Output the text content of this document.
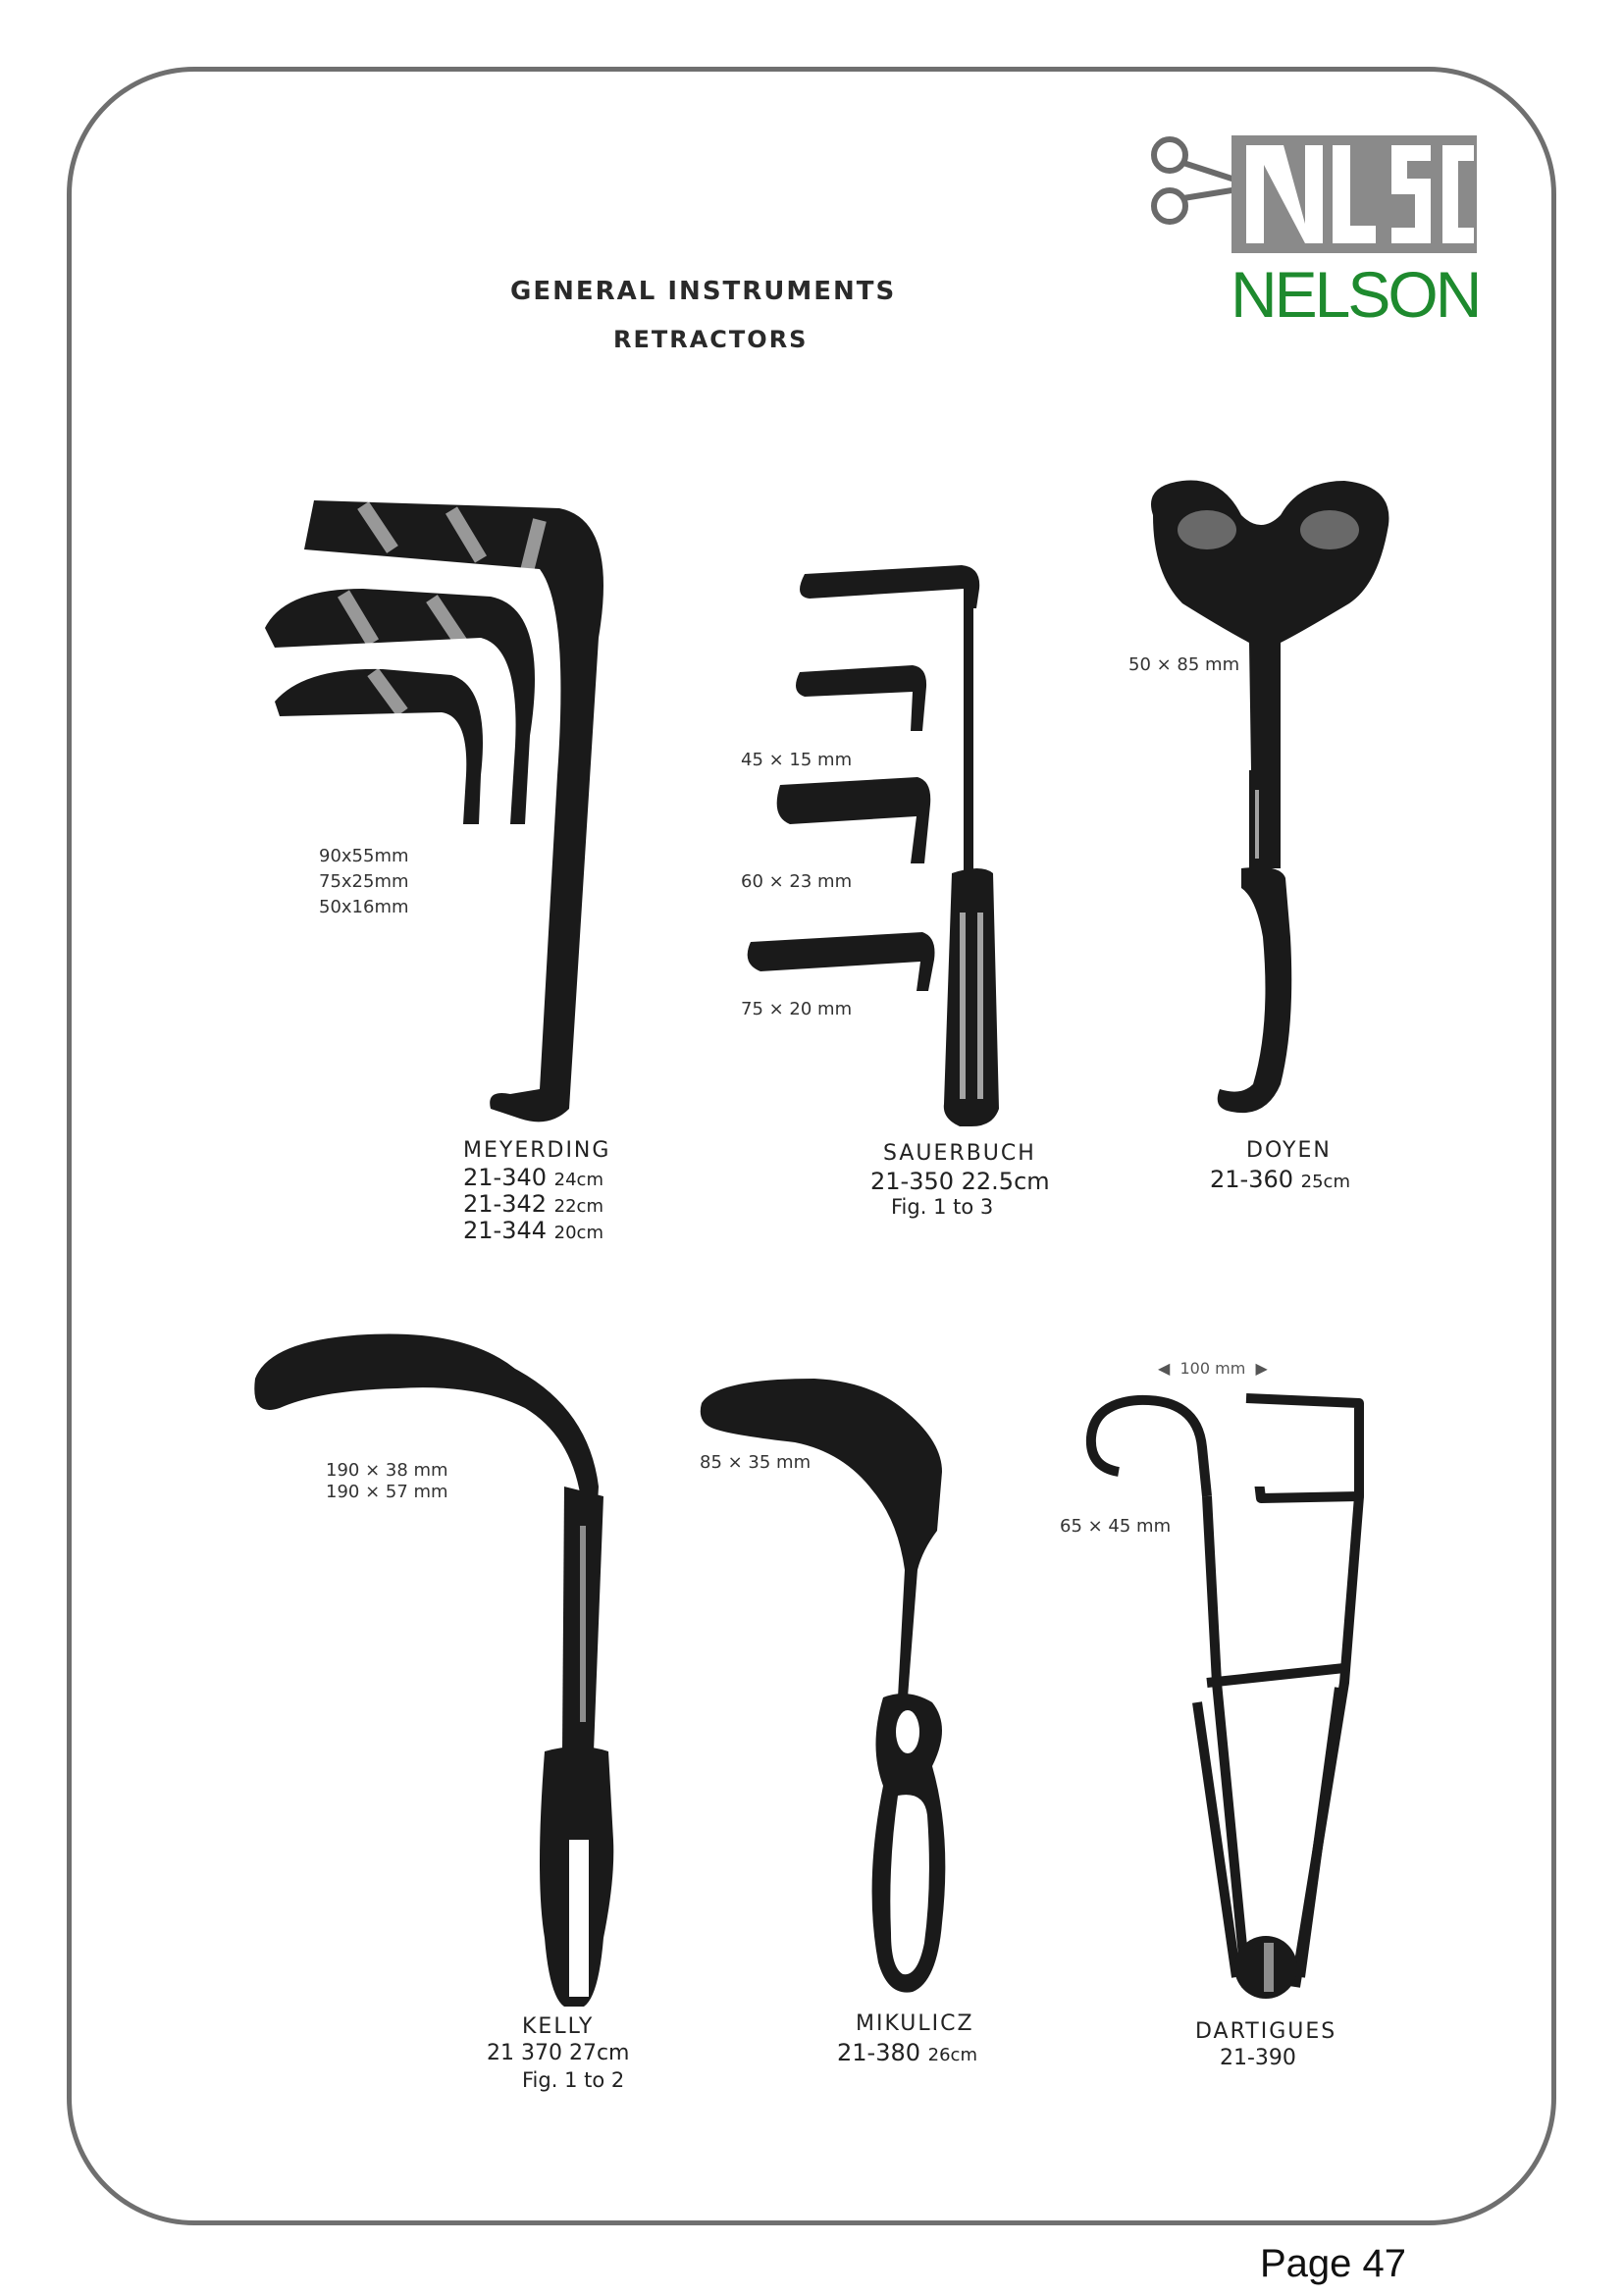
GENERAL INSTRUMENTS
RETRACTORS
NELSON
90x55mm
75x25mm
50x16mm
MEYERDING
21-340 24cm
21-342 22cm
21-344 20cm
45 × 15 mm
60 × 23 mm
75 × 20 mm
SAUERBUCH
21-350 22.5cm
Fig. 1 to 3
50 × 85 mm
DOYEN
21-360 25cm
190 × 38 mm
190 × 57 mm
KELLY
21 370 27cm
Fig. 1 to 2
85 × 35 mm
MIKULICZ
21-380 26cm
◀  100 mm  ▶
65 × 45 mm
DARTIGUES
21-390
Page 47
